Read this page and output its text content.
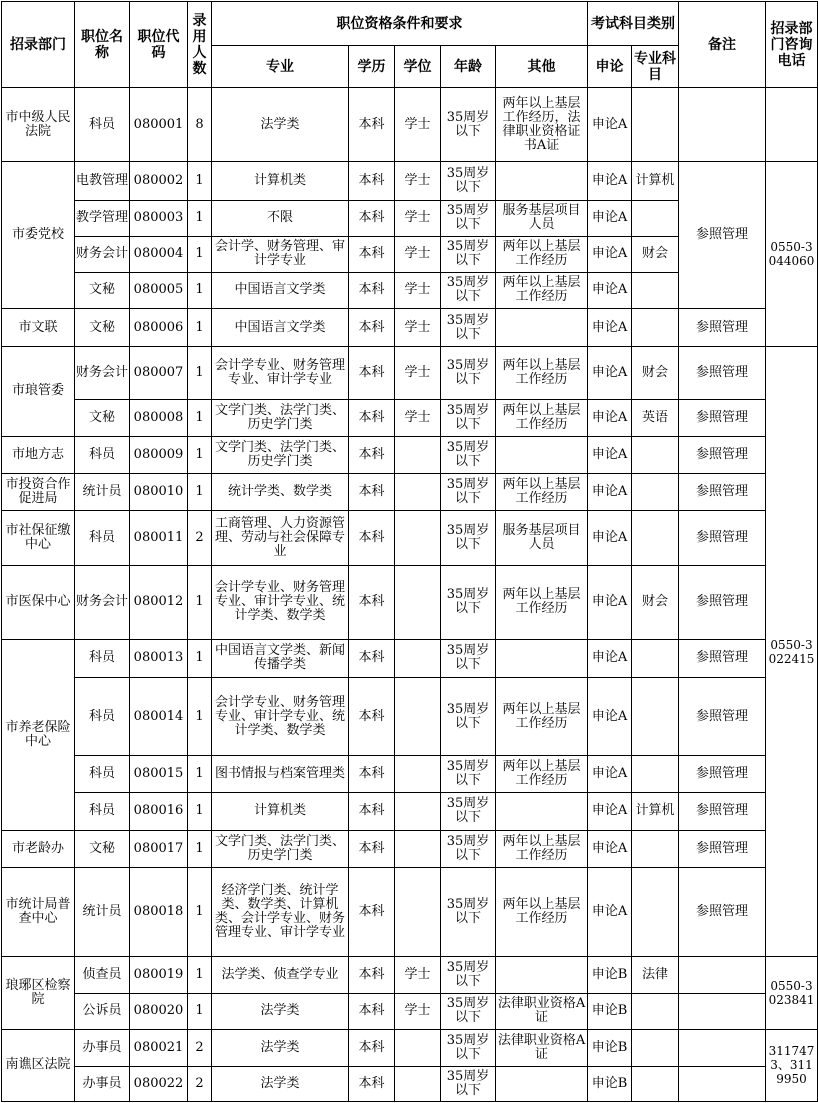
招录部门	职位名称	职位代码	录用人数	职位资格条件和要求					考试科目类别		备注	招录部门咨询电话
				专业	学历	学位	年龄	其他	申论	专业科目		
市中级人民法院	科员	080001	8	法学类	本科	学士	35周岁以下	两年以上基层工作经历，法律职业资格证书A证	申论A			
市委党校	电教管理	080002	1	计算机类	本科	学士	35周岁以下		申论A	计算机	参照管理	0550-3044060
	教学管理	080003	1	不限	本科	学士	35周岁以下	服务基层项目人员	申论A			
	财务会计	080004	1	会计学、财务管理、审计学专业	本科	学士	35周岁以下	两年以上基层工作经历	申论A	财会		
	文秘	080005	1	中国语言文学类	本科	学士	35周岁以下	两年以上基层工作经历	申论A			
市文联	文秘	080006	1	中国语言文学类	本科	学士	35周岁以下		申论A		参照管理	
市琅管委	财务会计	080007	1	会计学专业、财务管理专业、审计学专业	本科	学士	35周岁以下	两年以上基层工作经历	申论A	财会	参照管理	0550-3022415
	文秘	080008	1	文学门类、法学门类、历史学门类	本科	学士	35周岁以下	两年以上基层工作经历	申论A	英语	参照管理	
市地方志	科员	080009	1	文学门类、法学门类、历史学门类	本科		35周岁以下		申论A		参照管理	
市投资合作促进局	统计员	080010	1	统计学类、数学类	本科		35周岁以下	两年以上基层工作经历	申论A		参照管理	
市社保征缴中心	科员	080011	2	工商管理、人力资源管理、劳动与社会保障专业	本科		35周岁以下	服务基层项目人员	申论A		参照管理	
市医保中心	财务会计	080012	1	会计学专业、财务管理专业、审计学专业、统计学类、数学类	本科		35周岁以下	两年以上基层工作经历	申论A	财会	参照管理	
市养老保险中心	科员	080013	1	中国语言文学类、新闻传播学类	本科		35周岁以下		申论A		参照管理	
	科员	080014	1	会计学专业、财务管理专业、审计学专业、统计学类、数学类	本科		35周岁以下	两年以上基层工作经历	申论A		参照管理	
	科员	080015	1	图书情报与档案管理类	本科		35周岁以下	两年以上基层工作经历	申论A		参照管理	
	科员	080016	1	计算机类	本科		35周岁以下		申论A	计算机	参照管理	
市老龄办	文秘	080017	1	文学门类、法学门类、历史学门类	本科		35周岁以下	两年以上基层工作经历	申论A		参照管理	
市统计局普查中心	统计员	080018	1	经济学门类、统计学类、数学类、计算机类、会计学专业、财务管理专业、审计学专业	本科		35周岁以下	两年以上基层工作经历	申论A		参照管理	
琅琊区检察院	侦查员	080019	1	法学类、侦查学专业	本科	学士	35周岁以下		申论B	法律		0550-3023841
	公诉员	080020	1	法学类	本科	学士	35周岁以下	法律职业资格A证	申论B			
南谯区法院	办事员	080021	2	法学类	本科		35周岁以下	法律职业资格A证	申论B			3117473、3119950
	办事员	080022	2	法学类	本科		35周岁以下		申论B			
